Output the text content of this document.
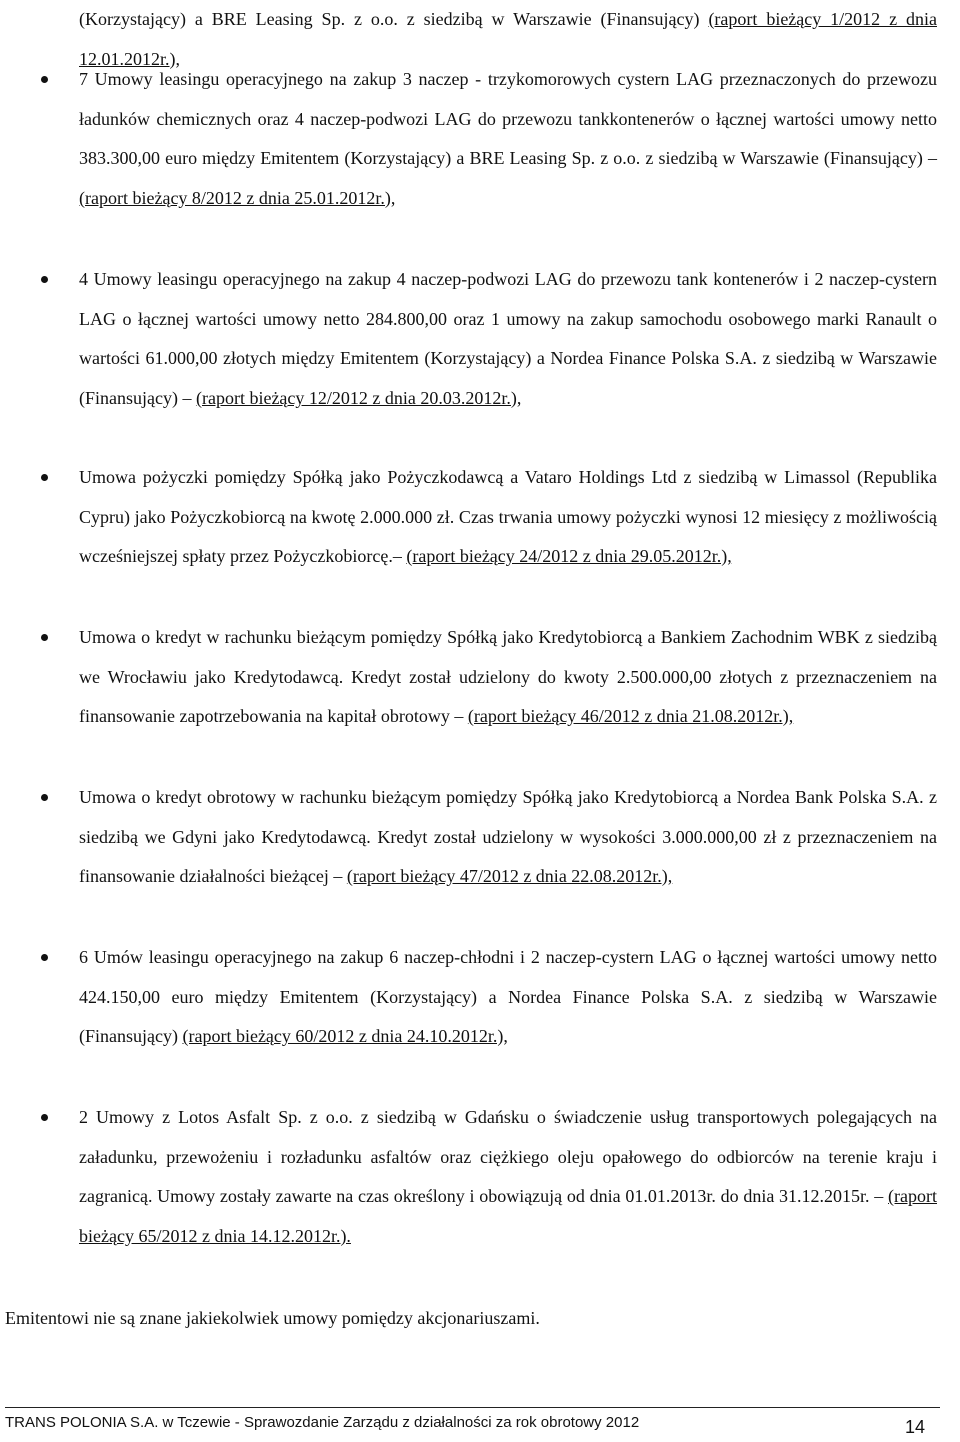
(Korzystający) a BRE Leasing Sp. z o.o. z siedzibą w Warszawie (Finansujący) (raport bieżący 1/2012 z dnia 12.01.2012r.),
7 Umowy leasingu operacyjnego na zakup 3 naczep - trzykomorowych cystern LAG przeznaczonych do przewozu ładunków chemicznych oraz 4 naczep-podwozi LAG do przewozu tankkontenerów o łącznej wartości umowy netto 383.300,00 euro między Emitentem (Korzystający) a BRE Leasing Sp. z o.o. z siedzibą w Warszawie (Finansujący) – (raport bieżący 8/2012 z dnia 25.01.2012r.),
4 Umowy leasingu operacyjnego na zakup 4 naczep-podwozi LAG do przewozu tank kontenerów i 2 naczep-cystern LAG o łącznej wartości umowy netto 284.800,00 oraz 1 umowy na zakup samochodu osobowego marki Ranault o wartości 61.000,00 złotych między Emitentem (Korzystający) a Nordea Finance Polska S.A. z siedzibą w Warszawie (Finansujący) – (raport bieżący 12/2012 z dnia 20.03.2012r.),
Umowa pożyczki pomiędzy Spółką jako Pożyczkodawcą a Vataro Holdings Ltd z siedzibą w Limassol (Republika Cypru) jako Pożyczkobiorcą na kwotę 2.000.000 zł. Czas trwania umowy pożyczki wynosi 12 miesięcy z możliwością wcześniejszej spłaty przez Pożyczkobiorcę.– (raport bieżący 24/2012 z dnia 29.05.2012r.),
Umowa o kredyt w rachunku bieżącym pomiędzy Spółką jako Kredytobiorcą a Bankiem Zachodnim WBK z siedzibą we Wrocławiu jako Kredytodawcą. Kredyt został udzielony do kwoty 2.500.000,00 złotych z przeznaczeniem na finansowanie zapotrzebowania na kapitał obrotowy – (raport bieżący 46/2012 z dnia 21.08.2012r.),
Umowa o kredyt obrotowy w rachunku bieżącym pomiędzy Spółką jako Kredytobiorcą a Nordea Bank Polska S.A. z siedzibą we Gdyni jako Kredytodawcą. Kredyt został udzielony w wysokości 3.000.000,00 zł z przeznaczeniem na finansowanie działalności bieżącej – (raport bieżący 47/2012 z dnia 22.08.2012r.),
6 Umów leasingu operacyjnego na zakup 6 naczep-chłodni i 2 naczep-cystern LAG o łącznej wartości umowy netto 424.150,00 euro między Emitentem (Korzystający) a Nordea Finance Polska S.A. z siedzibą w Warszawie (Finansujący) (raport bieżący 60/2012 z dnia 24.10.2012r.),
2 Umowy z Lotos Asfalt Sp. z o.o. z siedzibą w Gdańsku o świadczenie usług transportowych polegających na załadunku, przewożeniu i rozładunku asfaltów oraz ciężkiego oleju opałowego do odbiorców na terenie kraju i zagranicą. Umowy zostały zawarte na czas określony i obowiązują od dnia 01.01.2013r. do dnia 31.12.2015r. – (raport bieżący 65/2012 z dnia 14.12.2012r.).
Emitentowi nie są znane jakiekolwiek umowy pomiędzy akcjonariuszami.
TRANS POLONIA S.A. w Tczewie - Sprawozdanie Zarządu z działalności za rok obrotowy 2012	14
